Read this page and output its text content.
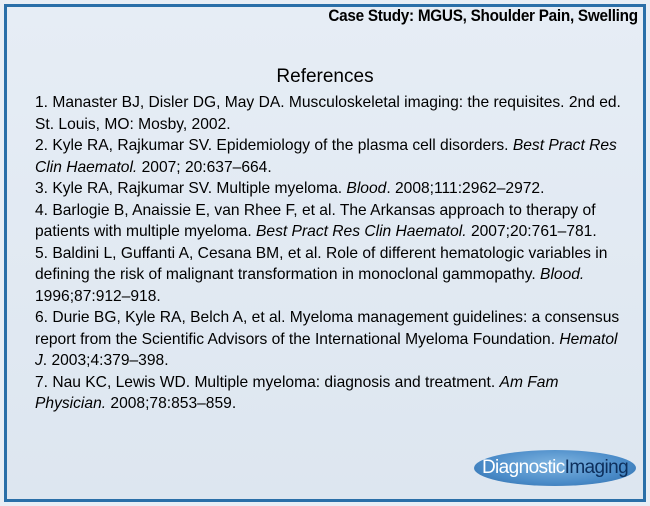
Case Study: MGUS, Shoulder Pain, Swelling
References

1. Manaster BJ, Disler DG, May DA. Musculoskeletal imaging: the requisites. 2nd ed. St. Louis, MO: Mosby, 2002.

2. Kyle RA, Rajkumar SV. Epidemiology of the plasma cell disorders. Best Pract Res Clin Haematol. 2007; 20:637–664.

3. Kyle RA, Rajkumar SV. Multiple myeloma. Blood. 2008;111:2962–2972.

4. Barlogie B, Anaissie E, van Rhee F, et al. The Arkansas approach to therapy of patients with multiple myeloma. Best Pract Res Clin Haematol. 2007;20:761–781.

5. Baldini L, Guffanti A, Cesana BM, et al. Role of different hematologic variables in defining the risk of malignant transformation in monoclonal gammopathy. Blood. 1996;87:912–918.

6. Durie BG, Kyle RA, Belch A, et al. Myeloma management guidelines: a consensus report from the Scientific Advisors of the International Myeloma Foundation. Hematol J. 2003;4:379–398.

7. Nau KC, Lewis WD. Multiple myeloma: diagnosis and treatment. Am Fam Physician. 2008;78:853–859.

DiagnosticImaging
